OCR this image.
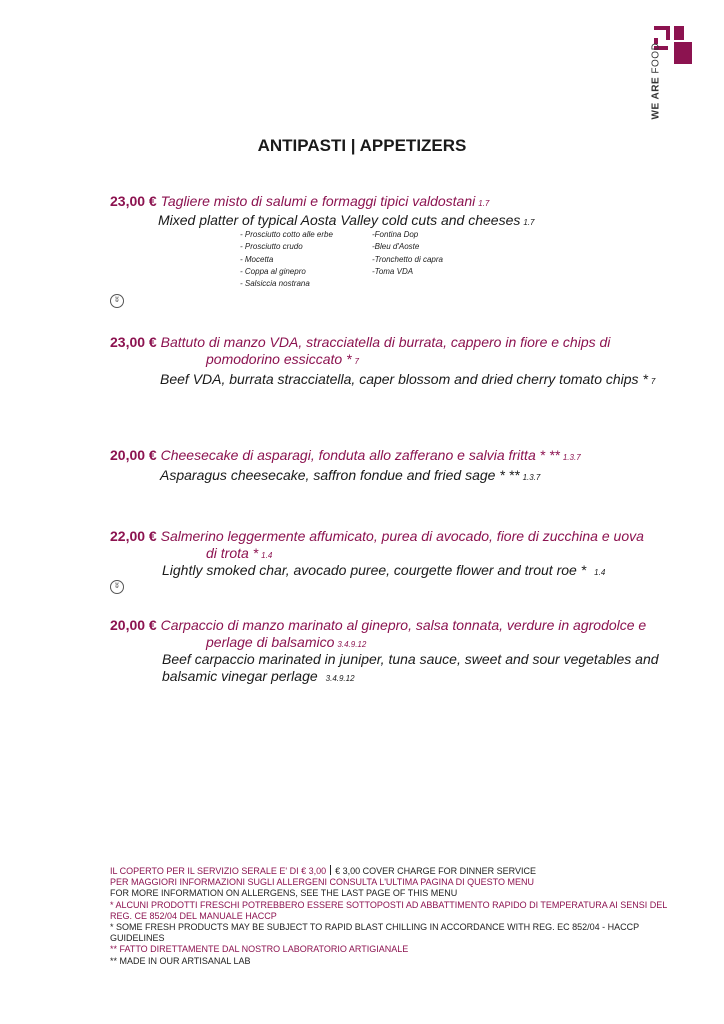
WE ARE FOOD
ANTIPASTI | APPETIZERS
23,00 € Tagliere misto di salumi e formaggi tipici valdostani 1.7
Mixed platter of typical Aosta Valley cold cuts and cheeses 1.7
- Prosciutto cotto alle erbe
- Prosciutto crudo
- Mocetta
- Coppa al ginepro
- Salsiccia nostrana
-Fontina Dop
-Bleu d'Aoste
-Tronchetto di capra
-Toma VDA
ʬ
23,00 € Battuto di manzo VDA, stracciatella di burrata, cappero in fiore e chips di
pomodorino essiccato * 7
Beef VDA, burrata stracciatella, caper blossom and dried cherry tomato chips * 7
20,00 € Cheesecake di asparagi, fonduta allo zafferano e salvia fritta * ** 1.3.7
Asparagus cheesecake, saffron fondue and fried sage * ** 1.3.7
22,00 € Salmerino leggermente affumicato, purea di avocado, fiore di zucchina e uova
di trota * 1.4
Lightly smoked char, avocado puree, courgette flower and trout roe * 1.4
ʬ
20,00 € Carpaccio di manzo marinato al ginepro, salsa tonnata, verdure in agrodolce e
perlage di balsamico 3.4.9.12
Beef carpaccio marinated in juniper, tuna sauce, sweet and sour vegetables and
balsamic vinegar perlage 3.4.9.12
IL COPERTO PER IL SERVIZIO SERALE E' DI € 3,00 € 3,00 COVER CHARGE FOR DINNER SERVICE
PER MAGGIORI INFORMAZIONI SUGLI ALLERGENI CONSULTA L'ULTIMA PAGINA DI QUESTO MENU
FOR MORE INFORMATION ON ALLERGENS, SEE THE LAST PAGE OF THIS MENU
* ALCUNI PRODOTTI FRESCHI POTREBBERO ESSERE SOTTOPOSTI AD ABBATTIMENTO RAPIDO DI TEMPERATURA AI SENSI DEL REG. CE 852/04 DEL MANUALE HACCP
* SOME FRESH PRODUCTS MAY BE SUBJECT TO RAPID BLAST CHILLING IN ACCORDANCE WITH REG. EC 852/04 - HACCP GUIDELINES
** FATTO DIRETTAMENTE DAL NOSTRO LABORATORIO ARTIGIANALE
** MADE IN OUR ARTISANAL LAB
